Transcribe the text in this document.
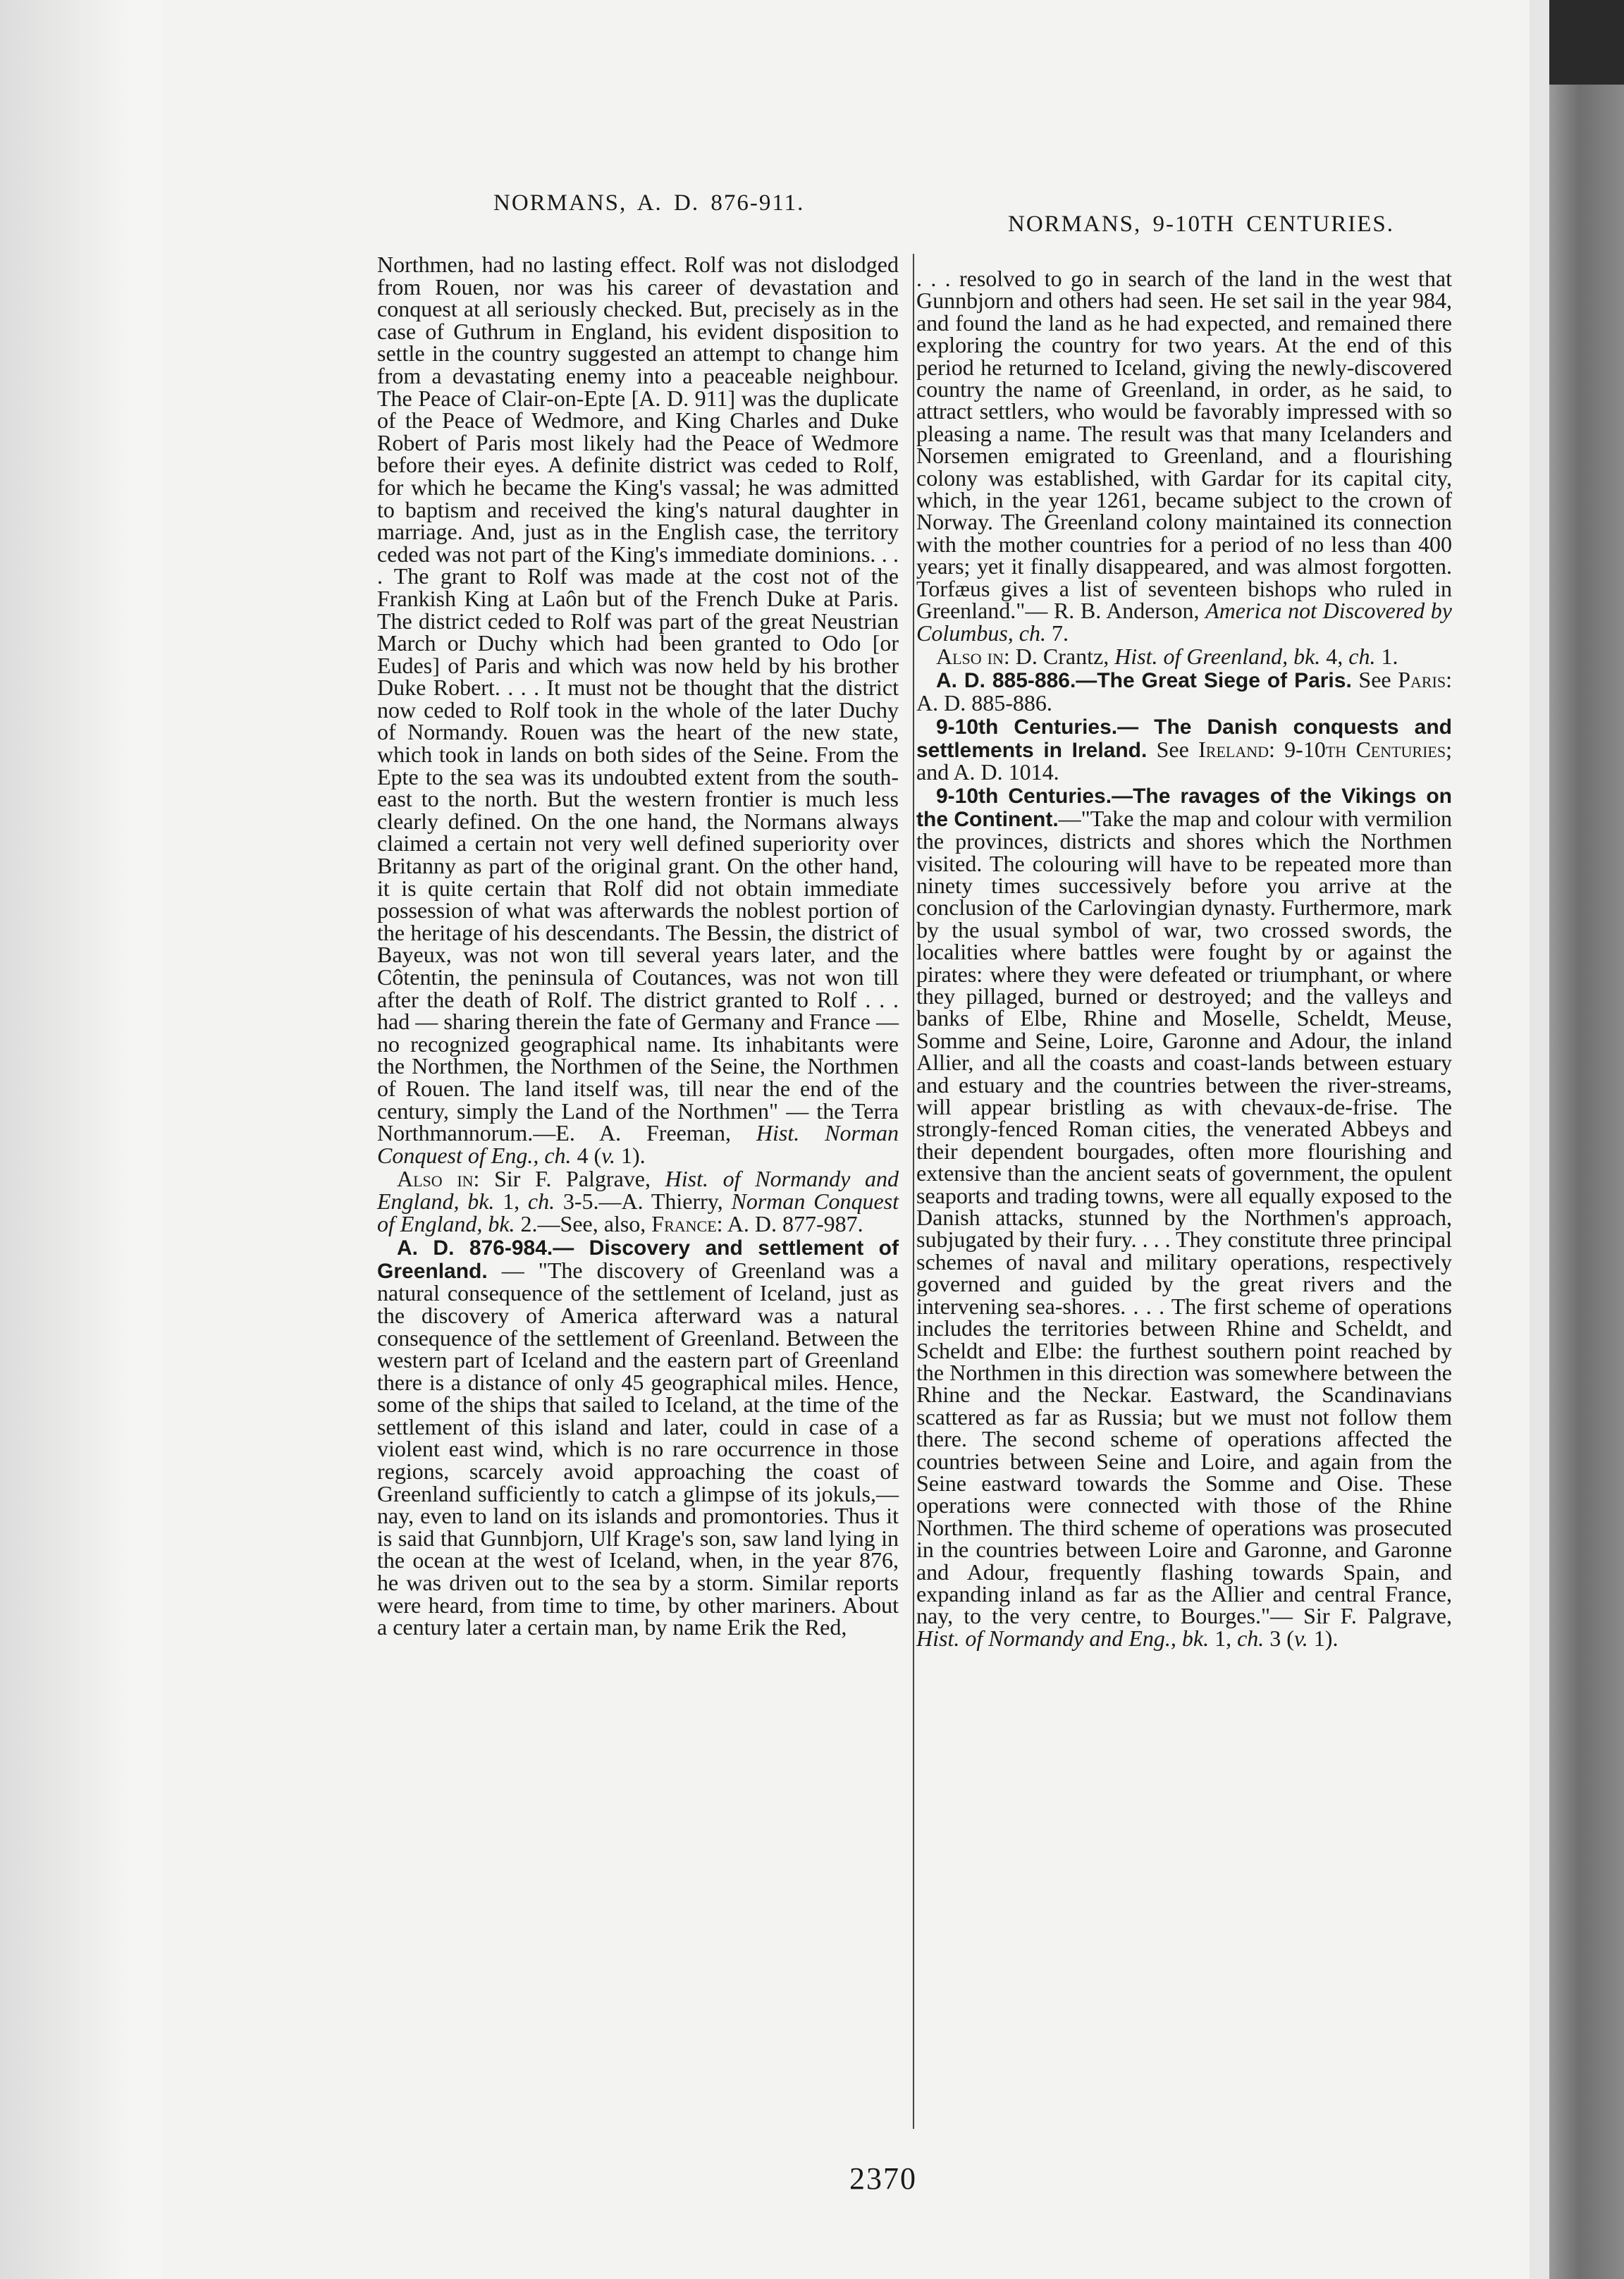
NORMANS, A. D. 876-911.
NORMANS, 9-10TH CENTURIES.

Northmen, had no lasting effect. Rolf was not dislodged from Rouen, nor was his career of devastation and conquest at all seriously checked. But, precisely as in the case of Guthrum in England, his evident disposition to settle in the country suggested an attempt to change him from a devastating enemy into a peaceable neighbour. The Peace of Clair-on-Epte [A. D. 911] was the duplicate of the Peace of Wedmore, and King Charles and Duke Robert of Paris most likely had the Peace of Wedmore before their eyes. A definite district was ceded to Rolf, for which he became the King's vassal; he was admitted to baptism and received the king's natural daughter in marriage. And, just as in the English case, the territory ceded was not part of the King's immediate dominions. . . . The grant to Rolf was made at the cost not of the Frankish King at Laôn but of the French Duke at Paris. The district ceded to Rolf was part of the great Neustrian March or Duchy which had been granted to Odo [or Eudes] of Paris and which was now held by his brother Duke Robert. . . . It must not be thought that the district now ceded to Rolf took in the whole of the later Duchy of Normandy. Rouen was the heart of the new state, which took in lands on both sides of the Seine. From the Epte to the sea was its undoubted extent from the south-east to the north. But the western frontier is much less clearly defined. On the one hand, the Normans always claimed a certain not very well defined superiority over Britanny as part of the original grant. On the other hand, it is quite certain that Rolf did not obtain immediate possession of what was afterwards the noblest portion of the heritage of his descendants. The Bessin, the district of Bayeux, was not won till several years later, and the Côtentin, the peninsula of Coutances, was not won till after the death of Rolf. The district granted to Rolf . . . had — sharing therein the fate of Germany and France — no recognized geographical name. Its inhabitants were the Northmen, the Northmen of the Seine, the Northmen of Rouen. The land itself was, till near the end of the century, simply the Land of the Northmen" — the Terra Northmannorum.—E. A. Freeman, Hist. Norman Conquest of Eng., ch. 4 (v. 1).

Also in: Sir F. Palgrave, Hist. of Normandy and England, bk. 1, ch. 3-5.—A. Thierry, Norman Conquest of England, bk. 2.—See, also, France: A. D. 877-987.

A. D. 876-984.— Discovery and settlement of Greenland. — "The discovery of Greenland was a natural consequence of the settlement of Iceland, just as the discovery of America afterward was a natural consequence of the settlement of Greenland. Between the western part of Iceland and the eastern part of Greenland there is a distance of only 45 geographical miles. Hence, some of the ships that sailed to Iceland, at the time of the settlement of this island and later, could in case of a violent east wind, which is no rare occurrence in those regions, scarcely avoid approaching the coast of Greenland sufficiently to catch a glimpse of its jokuls,— nay, even to land on its islands and promontories. Thus it is said that Gunnbjorn, Ulf Krage's son, saw land lying in the ocean at the west of Iceland, when, in the year 876, he was driven out to the sea by a storm. Similar reports were heard, from time to time, by other mariners. About a century later a certain man, by name Erik the Red,

. . . resolved to go in search of the land in the west that Gunnbjorn and others had seen. He set sail in the year 984, and found the land as he had expected, and remained there exploring the country for two years. At the end of this period he returned to Iceland, giving the newly-discovered country the name of Greenland, in order, as he said, to attract settlers, who would be favorably impressed with so pleasing a name. The result was that many Icelanders and Norsemen emigrated to Greenland, and a flourishing colony was established, with Gardar for its capital city, which, in the year 1261, became subject to the crown of Norway. The Greenland colony maintained its connection with the mother countries for a period of no less than 400 years; yet it finally disappeared, and was almost forgotten. Torfæus gives a list of seventeen bishops who ruled in Greenland."— R. B. Anderson, America not Discovered by Columbus, ch. 7.

Also in: D. Crantz, Hist. of Greenland, bk. 4, ch. 1.

A. D. 885-886.—The Great Siege of Paris. See Paris: A. D. 885-886.

9-10th Centuries.— The Danish conquests and settlements in Ireland. See Ireland: 9-10th Centuries; and A. D. 1014.

9-10th Centuries.—The ravages of the Vikings on the Continent.—"Take the map and colour with vermilion the provinces, districts and shores which the Northmen visited. The colouring will have to be repeated more than ninety times successively before you arrive at the conclusion of the Carlovingian dynasty. Furthermore, mark by the usual symbol of war, two crossed swords, the localities where battles were fought by or against the pirates: where they were defeated or triumphant, or where they pillaged, burned or destroyed; and the valleys and banks of Elbe, Rhine and Moselle, Scheldt, Meuse, Somme and Seine, Loire, Garonne and Adour, the inland Allier, and all the coasts and coast-lands between estuary and estuary and the countries between the river-streams, will appear bristling as with chevaux-de-frise. The strongly-fenced Roman cities, the venerated Abbeys and their dependent bourgades, often more flourishing and extensive than the ancient seats of government, the opulent seaports and trading towns, were all equally exposed to the Danish attacks, stunned by the Northmen's approach, subjugated by their fury. . . . They constitute three principal schemes of naval and military operations, respectively governed and guided by the great rivers and the intervening sea-shores. . . . The first scheme of operations includes the territories between Rhine and Scheldt, and Scheldt and Elbe: the furthest southern point reached by the Northmen in this direction was somewhere between the Rhine and the Neckar. Eastward, the Scandinavians scattered as far as Russia; but we must not follow them there. The second scheme of operations affected the countries between Seine and Loire, and again from the Seine eastward towards the Somme and Oise. These operations were connected with those of the Rhine Northmen. The third scheme of operations was prosecuted in the countries between Loire and Garonne, and Garonne and Adour, frequently flashing towards Spain, and expanding inland as far as the Allier and central France, nay, to the very centre, to Bourges."— Sir F. Palgrave, Hist. of Normandy and Eng., bk. 1, ch. 3 (v. 1).

2370
